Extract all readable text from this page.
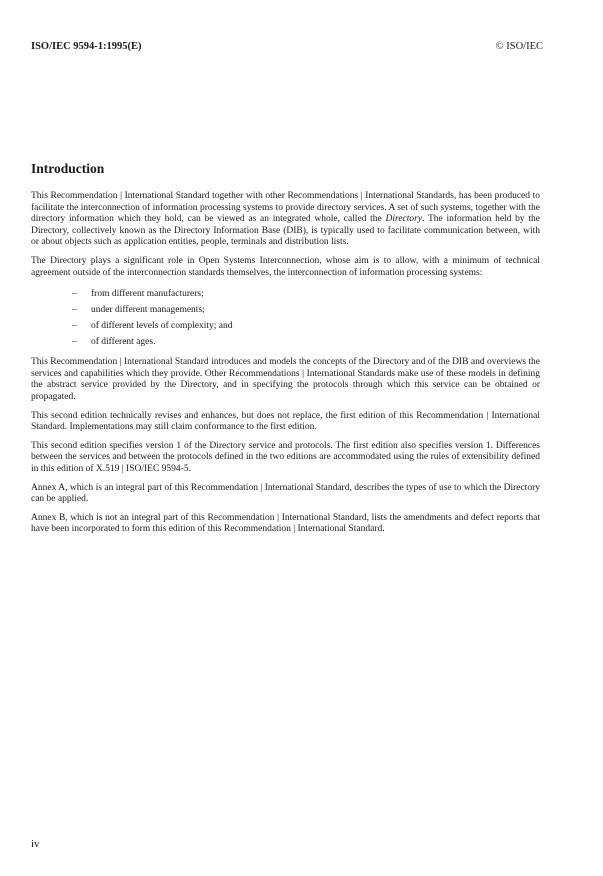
ISO/IEC 9594-1:1995(E)	© ISO/IEC
Introduction

This Recommendation | International Standard together with other Recommendations | International Standards, has been produced to facilitate the interconnection of information processing systems to provide directory services. A set of such systems, together with the directory information which they hold, can be viewed as an integrated whole, called the Directory. The information held by the Directory, collectively known as the Directory Information Base (DIB), is typically used to facilitate communication between, with or about objects such as application entities, people, terminals and distribution lists.

The Directory plays a significant role in Open Systems Interconnection, whose aim is to allow, with a minimum of technical agreement outside of the interconnection standards themselves, the interconnection of information processing systems:

– from different manufacturers;
– under different managements;
– of different levels of complexity; and
– of different ages.

This Recommendation | International Standard introduces and models the concepts of the Directory and of the DIB and overviews the services and capabilities which they provide. Other Recommendations | International Standards make use of these models in defining the abstract service provided by the Directory, and in specifying the protocols through which this service can be obtained or propagated.

This second edition technically revises and enhances, but does not replace, the first edition of this Recommendation | International Standard. Implementations may still claim conformance to the first edition.

This second edition specifies version 1 of the Directory service and protocols. The first edition also specifies version 1. Differences between the services and between the protocols defined in the two editions are accommodated using the rules of extensibility defined in this edition of X.519 | ISO/IEC 9594-5.

Annex A, which is an integral part of this Recommendation | International Standard, describes the types of use to which the Directory can be applied.

Annex B, which is not an integral part of this Recommendation | International Standard, lists the amendments and defect reports that have been incorporated to form this edition of this Recommendation | International Standard.

iv
